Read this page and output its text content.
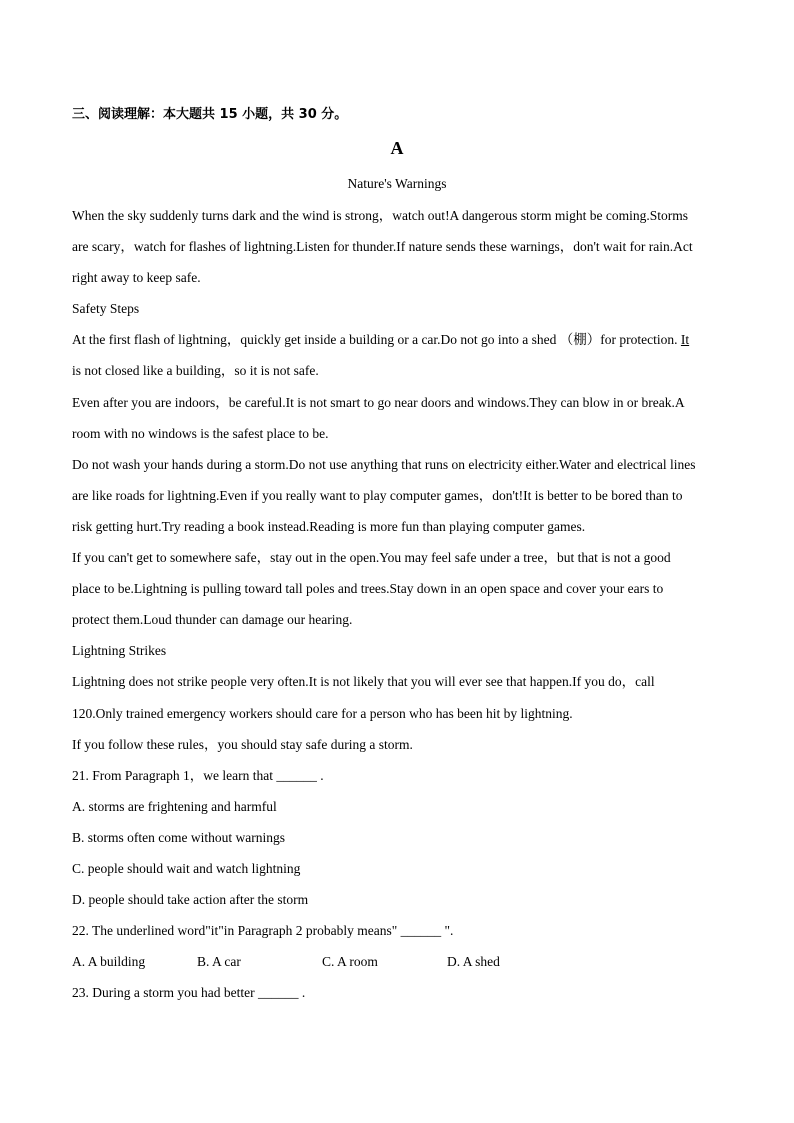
三、阅读理解：本大题共 15 小题，共 30 分。
A
Nature's Warnings

When the sky suddenly turns dark and the wind is strong，watch out!A dangerous storm might be coming.Storms
are scary，watch for flashes of lightning.Listen for thunder.If nature sends these warnings，don't wait for rain.Act
right away to keep safe.

Safety Steps

At the first flash of lightning，quickly get inside a building or a car.Do not go into a shed （棚）for protection. It
is not closed like a building，so it is not safe.

Even after you are indoors，be careful.It is not smart to go near doors and windows.They can blow in or break.A
room with no windows is the safest place to be.

Do not wash your hands during a storm.Do not use anything that runs on electricity either.Water and electrical lines
are like roads for lightning.Even if you really want to play computer games，don't!It is better to be bored than to
risk getting hurt.Try reading a book instead.Reading is more fun than playing computer games.

If you can't get to somewhere safe，stay out in the open.You may feel safe under a tree，but that is not a good
place to be.Lightning is pulling toward tall poles and trees.Stay down in an open space and cover your ears to
protect them.Loud thunder can damage our hearing.

Lightning Strikes

Lightning does not strike people very often.It is not likely that you will ever see that happen.If you do，call
120.Only trained emergency workers should care for a person who has been hit by lightning.

If you follow these rules，you should stay safe during a storm.

21. From Paragraph 1，we learn that ______ .
A. storms are frightening and harmful
B. storms often come without warnings
C. people should wait and watch lightning
D. people should take action after the storm
22. The underlined word"it"in Paragraph 2 probably means" ______ ".
A. A building	B. A car	C. A room	D. A shed
23. During a storm you had better ______ .
